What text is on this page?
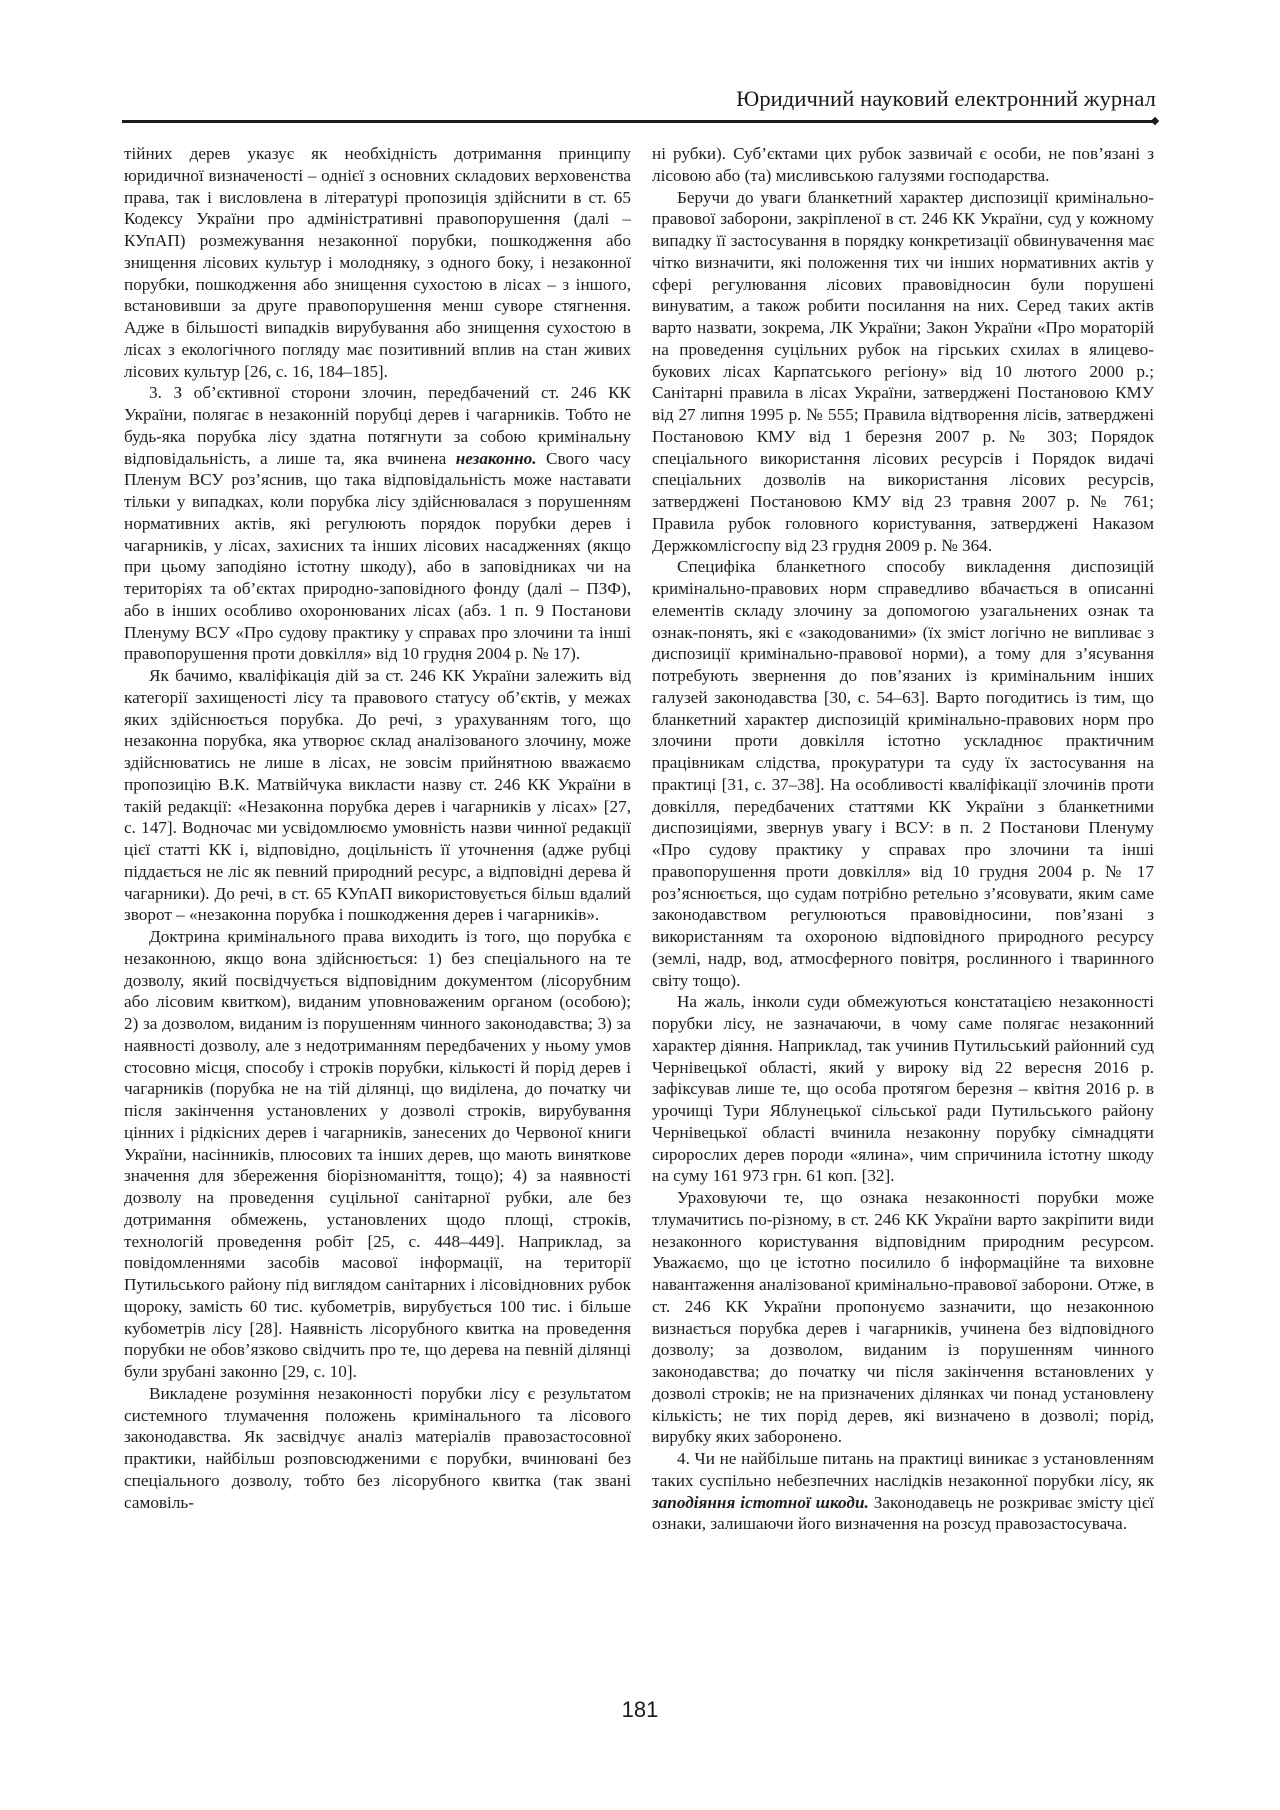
Юридичний науковий електронний журнал

тійних дерев указує як необхідність дотримання принципу юридичної визначеності – однієї з основних складових верховенства права, так і висловлена в літературі пропозиція здійснити в ст. 65 Кодексу України про адміністративні правопорушення (далі – КУпАП) розмежування незаконної порубки, пошкодження або знищення лісових культур і молодняку, з одного боку, і незаконної порубки, пошкодження або знищення сухостою в лісах – з іншого, встановивши за друге правопорушення менш суворе стягнення. Адже в більшості випадків вирубування або знищення сухостою в лісах з екологічного погляду має позитивний вплив на стан живих лісових культур [26, с. 16, 184–185].

3. З об’єктивної сторони злочин, передбачений ст. 246 КК України, полягає в незаконній порубці дерев і чагарників. Тобто не будь-яка порубка лісу здатна потягнути за собою кримінальну відповідальність, а лише та, яка вчинена незаконно. Свого часу Пленум ВСУ роз’яснив, що така відповідальність може наставати тільки у випадках, коли порубка лісу здійснювалася з порушенням нормативних актів, які регулюють порядок порубки дерев і чагарників, у лісах, захисних та інших лісових насадженнях (якщо при цьому заподіяно істотну шкоду), або в заповідниках чи на територіях та об’єктах природно-заповідного фонду (далі – ПЗФ), або в інших особливо охоронюваних лісах (абз. 1 п. 9 Постанови Пленуму ВСУ «Про судову практику у справах про злочини та інші правопорушення проти довкілля» від 10 грудня 2004 р. № 17).

Як бачимо, кваліфікація дій за ст. 246 КК України залежить від категорії захищеності лісу та правового статусу об’єктів, у межах яких здійснюється порубка. До речі, з урахуванням того, що незаконна порубка, яка утворює склад аналізованого злочину, може здійснюватись не лише в лісах, не зовсім прийнятною вважаємо пропозицію В.К. Матвійчука викласти назву ст. 246 КК України в такій редакції: «Незаконна порубка дерев і чагарників у лісах» [27, с. 147]. Водночас ми усвідомлюємо умовність назви чинної редакції цієї статті КК і, відповідно, доцільність її уточнення (адже рубці піддається не ліс як певний природний ресурс, а відповідні дерева й чагарники). До речі, в ст. 65 КУпАП використовується більш вдалий зворот – «незаконна порубка і пошкодження дерев і чагарників».

Доктрина кримінального права виходить із того, що порубка є незаконною, якщо вона здійснюється: 1) без спеціального на те дозволу, який посвідчується відповідним документом (лісорубним або лісовим квитком), виданим уповноваженим органом (особою); 2) за дозволом, виданим із порушенням чинного законодавства; 3) за наявності дозволу, але з недотриманням передбачених у ньому умов стосовно місця, способу і строків порубки, кількості й порід дерев і чагарників (порубка не на тій ділянці, що виділена, до початку чи після закінчення установлених у дозволі строків, вирубування цінних і рідкісних дерев і чагарників, занесених до Червоної книги України, насінників, плюсових та інших дерев, що мають виняткове значення для збереження біорізноманіття, тощо); 4) за наявності дозволу на проведення суцільної санітарної рубки, але без дотримання обмежень, установлених щодо площі, строків, технологій проведення робіт [25, с. 448–449]. Наприклад, за повідомленнями засобів масової інформації, на території Путильського району під виглядом санітарних і лісовідновних рубок щороку, замість 60 тис. кубометрів, вирубується 100 тис. і більше кубометрів лісу [28]. Наявність лісорубного квитка на проведення порубки не обов’язково свідчить про те, що дерева на певній ділянці були зрубані законно [29, с. 10].

Викладене розуміння незаконності порубки лісу є результатом системного тлумачення положень кримінального та лісового законодавства. Як засвідчує аналіз матеріалів правозастосовної практики, найбільш розповсюдженими є порубки, вчинювані без спеціального дозволу, тобто без лісорубного квитка (так звані самовіль-

ні рубки). Суб’єктами цих рубок зазвичай є особи, не пов’язані з лісовою або (та) мисливською галузями господарства.

Беручи до уваги бланкетний характер диспозиції кримінально-правової заборони, закріпленої в ст. 246 КК України, суд у кожному випадку її застосування в порядку конкретизації обвинувачення має чітко визначити, які положення тих чи інших нормативних актів у сфері регулювання лісових правовідносин були порушені винуватим, а також робити посилання на них. Серед таких актів варто назвати, зокрема, ЛК України; Закон України «Про мораторій на проведення суцільних рубок на гірських схилах в ялицево-букових лісах Карпатського регіону» від 10 лютого 2000 р.; Санітарні правила в лісах України, затверджені Постановою КМУ від 27 липня 1995 р. № 555; Правила відтворення лісів, затверджені Постановою КМУ від 1 березня 2007 р. № 303; Порядок спеціального використання лісових ресурсів і Порядок видачі спеціальних дозволів на використання лісових ресурсів, затверджені Постановою КМУ від 23 травня 2007 р. № 761; Правила рубок головного користування, затверджені Наказом Держкомлісгоспу від 23 грудня 2009 р. № 364.

Специфіка бланкетного способу викладення диспозицій кримінально-правових норм справедливо вбачається в описанні елементів складу злочину за допомогою узагальнених ознак та ознак-понять, які є «закодованими» (їх зміст логічно не випливає з диспозиції кримінально-правової норми), а тому для з’ясування потребують звернення до пов’язаних із кримінальним інших галузей законодавства [30, с. 54–63]. Варто погодитись із тим, що бланкетний характер диспозицій кримінально-правових норм про злочини проти довкілля істотно ускладнює практичним працівникам слідства, прокуратури та суду їх застосування на практиці [31, с. 37–38]. На особливості кваліфікації злочинів проти довкілля, передбачених статтями КК України з бланкетними диспозиціями, звернув увагу і ВСУ: в п. 2 Постанови Пленуму «Про судову практику у справах про злочини та інші правопорушення проти довкілля» від 10 грудня 2004 р. № 17 роз’яснюється, що судам потрібно ретельно з’ясовувати, яким саме законодавством регулюються правовідносини, пов’язані з використанням та охороною відповідного природного ресурсу (землі, надр, вод, атмосферного повітря, рослинного і тваринного світу тощо).

На жаль, інколи суди обмежуються констатацією незаконності порубки лісу, не зазначаючи, в чому саме полягає незаконний характер діяння. Наприклад, так учинив Путильський районний суд Чернівецької області, який у вироку від 22 вересня 2016 р. зафіксував лише те, що особа протягом березня – квітня 2016 р. в урочищі Тури Яблунецької сільської ради Путильського району Чернівецької області вчинила незаконну порубку сімнадцяти сиророслих дерев породи «ялина», чим спричинила істотну шкоду на суму 161 973 грн. 61 коп. [32].

Ураховуючи те, що ознака незаконності порубки може тлумачитись по-різному, в ст. 246 КК України варто закріпити види незаконного користування відповідним природним ресурсом. Уважаємо, що це істотно посилило б інформаційне та виховне навантаження аналізованої кримінально-правової заборони. Отже, в ст. 246 КК України пропонуємо зазначити, що незаконною визнається порубка дерев і чагарників, учинена без відповідного дозволу; за дозволом, виданим із порушенням чинного законодавства; до початку чи після закінчення встановлених у дозволі строків; не на призначених ділянках чи понад установлену кількість; не тих порід дерев, які визначено в дозволі; порід, вирубку яких заборонено.

4. Чи не найбільше питань на практиці виникає з установленням таких суспільно небезпечних наслідків незаконної порубки лісу, як заподіяння істотної шкоди. Законодавець не розкриває змісту цієї ознаки, залишаючи його визначення на розсуд правозастосувача.

181
